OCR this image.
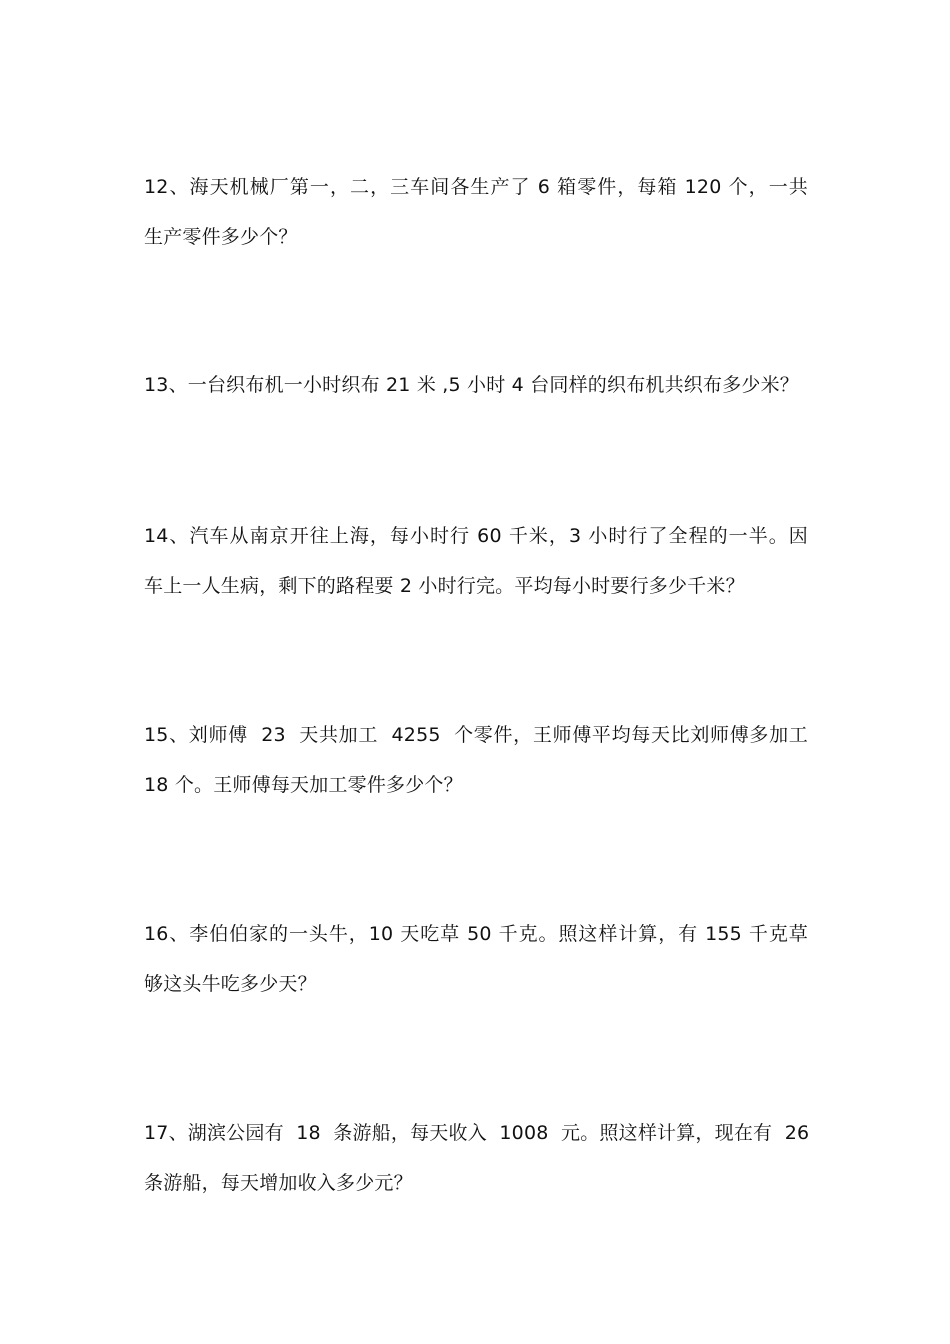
12、海天机械厂第一，二，三车间各生产了 6 箱零件，每箱 120 个，一共
生产零件多少个？
13、一台织布机一小时织布 21 米 ,5 小时 4 台同样的织布机共织布多少米？
14、汽车从南京开往上海，每小时行 60 千米，3 小时行了全程的一半。因
车上一人生病，剩下的路程要 2 小时行完。平均每小时要行多少千米？
15、刘师傅  23  天共加工  4255  个零件，王师傅平均每天比刘师傅多加工
18 个。王师傅每天加工零件多少个？
16、李伯伯家的一头牛，10 天吃草 50 千克。照这样计算，有 155 千克草
够这头牛吃多少天？
17、湖滨公园有  18  条游船，每天收入  1008  元。照这样计算，现在有  26
条游船，每天增加收入多少元？
